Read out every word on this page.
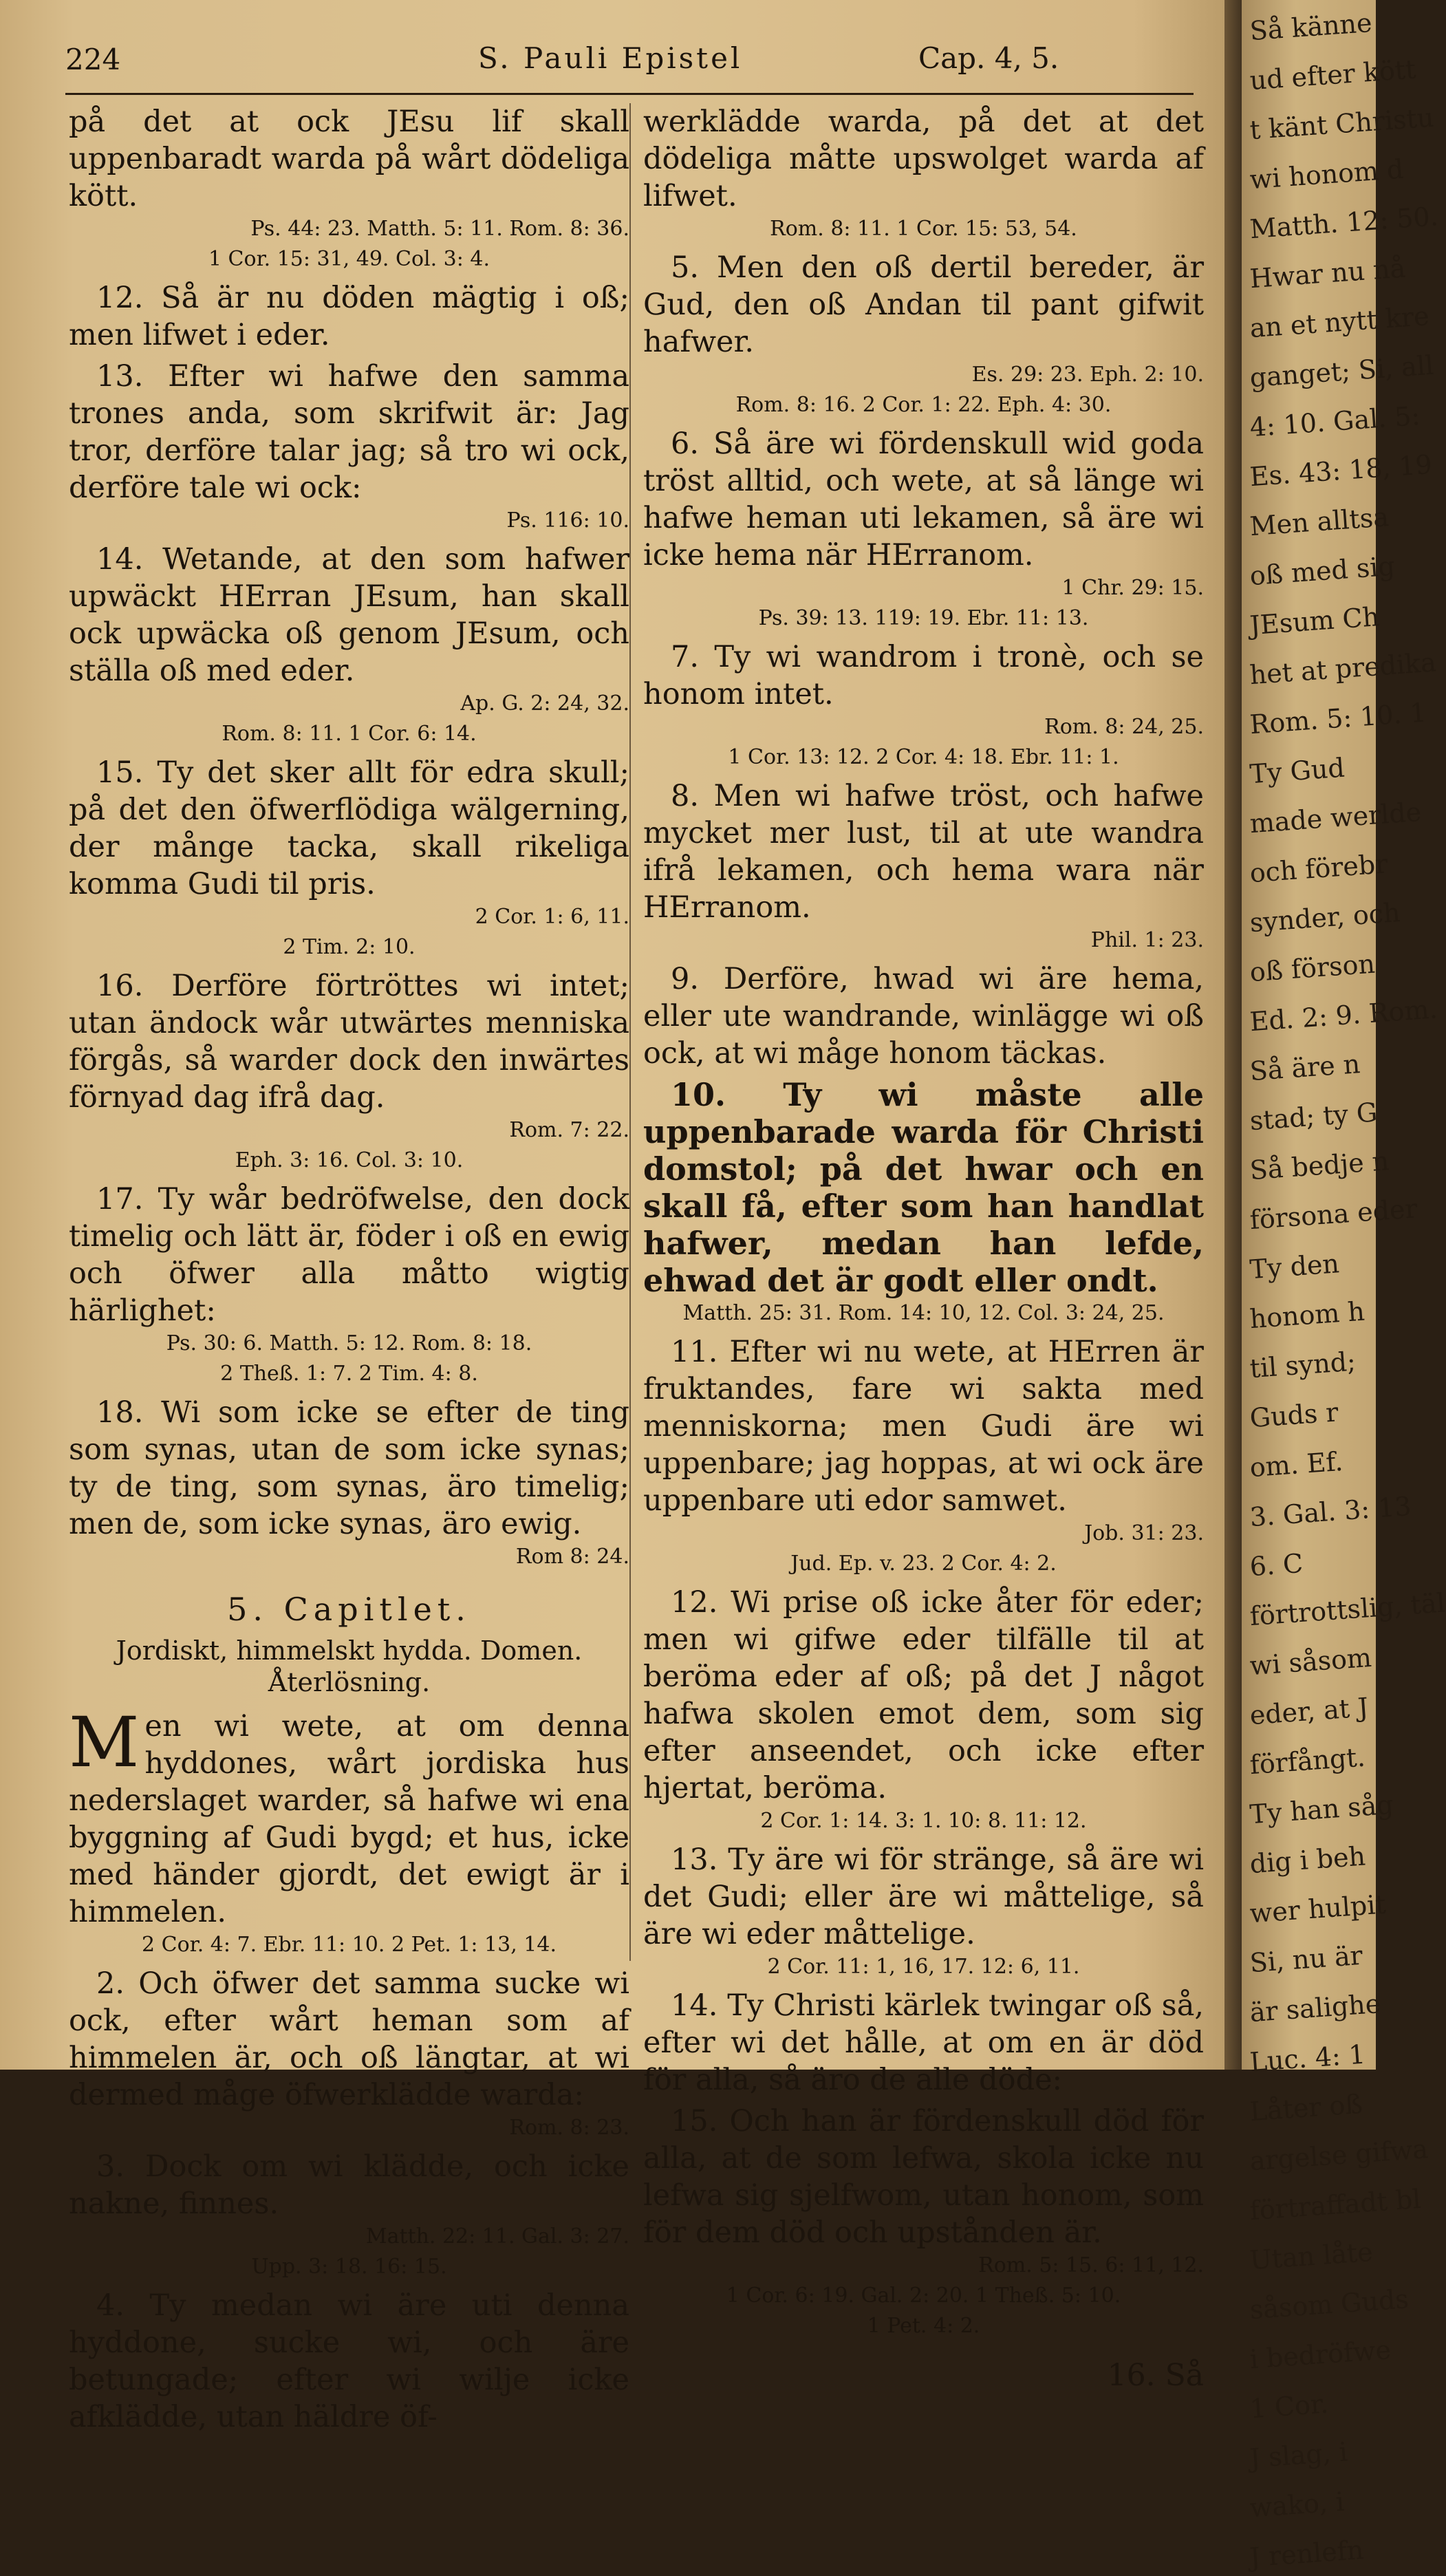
224	S. Pauli Epistel	Cap. 4, 5.

på det at ock JEsu lif skall uppenbaradt warda på wårt dödeliga kött.

Ps. 44: 23. Matth. 5: 11. Rom. 8: 36.

1 Cor. 15: 31, 49. Col. 3: 4.

12. Så är nu döden mägtig i oß; men lifwet i eder.

13. Efter wi hafwe den samma trones anda, som skrifwit är: Jag tror, derföre talar jag; så tro wi ock, derföre tale wi ock:

Ps. 116: 10.

14. Wetande, at den som hafwer upwäckt HErran JEsum, han skall ock upwäcka oß genom JEsum, och ställa oß med eder.

Ap. G. 2: 24, 32.

Rom. 8: 11. 1 Cor. 6: 14.

15. Ty det sker allt för edra skull; på det den öfwerflödiga wälgerning, der månge tacka, skall rikeliga komma Gudi til pris.

2 Cor. 1: 6, 11.

2 Tim. 2: 10.

16. Derföre förtröttes wi intet; utan ändock wår utwärtes menniska förgås, så warder dock den inwärtes förnyad dag ifrå dag.

Rom. 7: 22.

Eph. 3: 16. Col. 3: 10.

17. Ty wår bedröfwelse, den dock timelig och lätt är, föder i oß en ewig och öfwer alla måtto wigtig härlighet:

Ps. 30: 6. Matth. 5: 12. Rom. 8: 18.

2 Theß. 1: 7. 2 Tim. 4: 8.

18. Wi som icke se efter de ting som synas, utan de som icke synas; ty de ting, som synas, äro timelig; men de, som icke synas, äro ewig.

Rom 8: 24.

5. Capitlet.

Jordiskt, himmelskt hydda. Domen. Återlösning.

Men wi wete, at om denna hyddones, wårt jordiska hus nederslaget warder, så hafwe wi ena byggning af Gudi bygd; et hus, icke med händer gjordt, det ewigt är i himmelen.

2 Cor. 4: 7. Ebr. 11: 10. 2 Pet. 1: 13, 14.

2. Och öfwer det samma sucke wi ock, efter wårt heman som af himmelen är, och oß längtar, at wi dermed måge öfwerklädde warda:

Rom. 8: 23.

3. Dock om wi klädde, och icke nakne, finnes.

Matth. 22: 11. Gal. 3: 27.

Upp. 3: 18. 16: 15.

4. Ty medan wi äre uti denna hyddone, sucke wi, och äre betungade; efter wi wilje icke afklädde, utan häldre öf-

werklädde warda, på det at det dödeliga måtte upswolget warda af lifwet.

Rom. 8: 11. 1 Cor. 15: 53, 54.

5. Men den oß dertil bereder, är Gud, den oß Andan til pant gifwit hafwer.

Es. 29: 23. Eph. 2: 10.

Rom. 8: 16. 2 Cor. 1: 22. Eph. 4: 30.

6. Så äre wi fördenskull wid goda tröst alltid, och wete, at så länge wi hafwe heman uti lekamen, så äre wi icke hema när HErranom.

1 Chr. 29: 15.

Ps. 39: 13. 119: 19. Ebr. 11: 13.

7. Ty wi wandrom i tronè, och se honom intet.

Rom. 8: 24, 25.

1 Cor. 13: 12. 2 Cor. 4: 18. Ebr. 11: 1.

8. Men wi hafwe tröst, och hafwe mycket mer lust, til at ute wandra ifrå lekamen, och hema wara när HErranom.

Phil. 1: 23.

9. Derföre, hwad wi äre hema, eller ute wandrande, winlägge wi oß ock, at wi måge honom täckas.

10. Ty wi måste alle uppenbarade warda för Christi domstol; på det hwar och en skall få, efter som han handlat hafwer, medan han lefde, ehwad det är godt eller ondt.

Matth. 25: 31. Rom. 14: 10, 12. Col. 3: 24, 25.

11. Efter wi nu wete, at HErren är fruktandes, fare wi sakta med menniskorna; men Gudi äre wi uppenbare; jag hoppas, at wi ock äre uppenbare uti edor samwet.

Job. 31: 23.

Jud. Ep. v. 23. 2 Cor. 4: 2.

12. Wi prise oß icke åter för eder; men wi gifwe eder tilfälle til at beröma eder af oß; på det J något hafwa skolen emot dem, som sig efter anseendet, och icke efter hjertat, beröma.

2 Cor. 1: 14. 3: 1. 10: 8. 11: 12.

13. Ty äre wi för stränge, så äre wi det Gudi; eller äre wi måttelige, så äre wi eder måttelige.

2 Cor. 11: 1, 16, 17. 12: 6, 11.

14. Ty Christi kärlek twingar oß så, efter wi det hålle, at om en är död för alla, så äro de alle döde:

15. Och han är fördenskull död för alla, at de som lefwa, skola icke nu lefwa sig sjelfwom, utan honom, som för dem död och upstånden är.

Rom. 5: 15. 6: 11, 12.

1 Cor. 6: 19. Gal. 2: 20. 1 Theß. 5: 10.

1 Pet. 4: 2.

16. Så
Så känne
ud efter kött
t känt Christu
wi honom d
Matth. 12: 50.
Hwar nu nå
an et nytt kre
ganget; Si, all
4: 10. Gal. 5:
Es. 43: 18, 19
Men alltsa
oß med sig
JEsum Ch
het at predika
Rom. 5: 10. 1
Ty Gud
made werlde
och förebr
synder, och
oß förson
Ed. 2: 9. Rom.
Så äre n
stad; ty G
Så bedje n
försona eder
Ty den
honom h
til synd;
Guds r
om. Ef.
3. Gal. 3: 13
6. C
förtrottslig, täl
wi såsom
eder, at J
förfångt.
Ty han såg
dig i beh
wer hulpit
Si, nu är
är salighe
Luc. 4: 1
Låter oß
argelse gifwa
förtraffadt bl
Utan låte
såsom Guds
i bedröfwe
1 Cor.
J slag, i
wako, i
J renlefn
